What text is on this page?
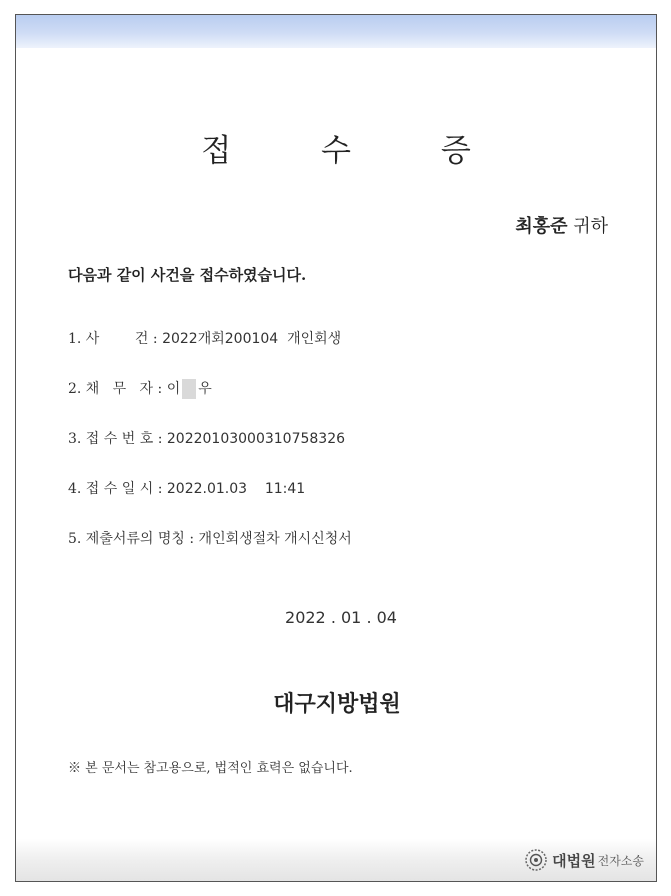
접 수 증
최홍준 귀하
다음과 같이 사건을 접수하였습니다.
1. 사        건 : 2022개회200104  개인회생
2. 채   무   자 : 이 우
3. 접 수 번 호 : 20220103000310758326
4. 접 수 일 시 : 2022.01.03    11:41
5. 제출서류의 명칭 : 개인회생절차 개시신청서
2022 . 01 . 04
대구지방법원
※ 본 문서는 참고용으로, 법적인 효력은 없습니다.
대법원 전자소송
